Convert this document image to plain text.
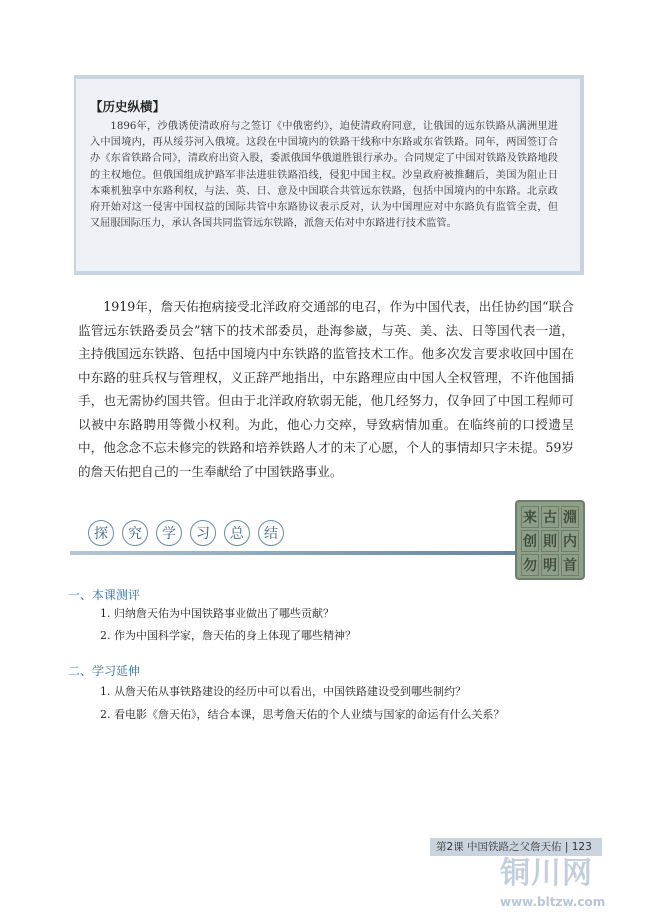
【历史纵横】

1896年，沙俄诱使清政府与之签订《中俄密约》，迫使清政府同意，让俄国的远东铁路从满洲里进入中国境内，再从绥芬河入俄境。这段在中国境内的铁路干线称中东路或东省铁路。同年，两国签订合办《东省铁路合同》，清政府出资入股，委派俄国华俄道胜银行承办。合同规定了中国对铁路及铁路地段的主权地位。但俄国组成护路军非法进驻铁路沿线，侵犯中国主权。沙皇政府被推翻后，美国为阻止日本乘机独享中东路利权，与法、英、日、意及中国联合共管远东铁路，包括中国境内的中东路。北京政府开始对这一侵害中国权益的国际共管中东路协议表示反对，认为中国理应对中东路负有监管全责，但又屈服国际压力，承认各国共同监管远东铁路，派詹天佑对中东路进行技术监管。

1919年，詹天佑抱病接受北洋政府交通部的电召，作为中国代表，出任协约国“联合监管远东铁路委员会”辖下的技术部委员，赴海参崴，与英、美、法、日等国代表一道，主持俄国远东铁路、包括中国境内中东铁路的监管技术工作。他多次发言要求收回中国在中东路的驻兵权与管理权，义正辞严地指出，中东路理应由中国人全权管理，不许他国插手，也无需协约国共管。但由于北洋政府软弱无能，他几经努力，仅争回了中国工程师可以被中东路聘用等微小权利。为此，他心力交瘁，导致病情加重。在临终前的口授遗呈中，他念念不忘未修完的铁路和培养铁路人才的未了心愿，个人的事情却只字未提。59岁的詹天佑把自己的一生奉献给了中国铁路事业。

探	究	学	习	总	结
来 古 淵
创 則 内
勿 明 首
一、本课测评
1. 归纳詹天佑为中国铁路事业做出了哪些贡献？
2. 作为中国科学家，詹天佑的身上体现了哪些精神？
二、学习延伸
1. 从詹天佑从事铁路建设的经历中可以看出，中国铁路建设受到哪些制约？
2. 看电影《詹天佑》，结合本课，思考詹天佑的个人业绩与国家的命运有什么关系？
第2课 中国铁路之父詹天佑 | 123
铜川网
www.bltzw.com
